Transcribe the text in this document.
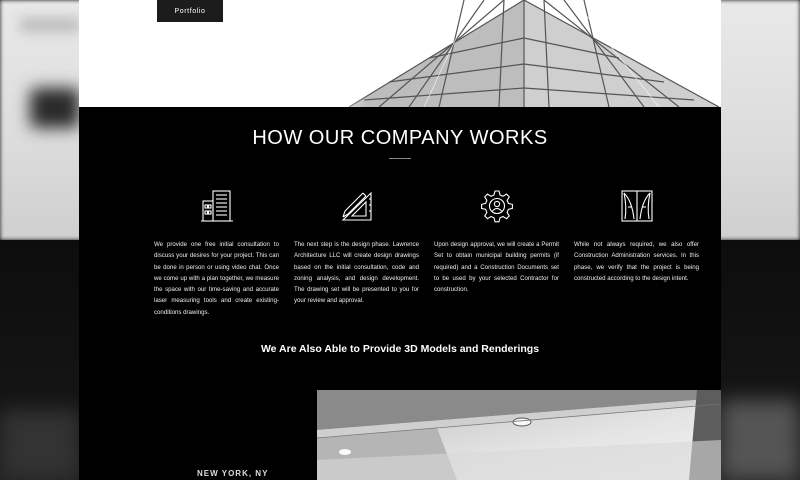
Portfolio
HOW OUR COMPANY WORKS
We provide one free initial consultation to discuss your desires for your project. This can be done in person or using video chat. Once we come up with a plan together, we measure the space with our time-saving and accurate laser measuring tools and create existing-conditions drawings.
The next step is the design phase. Lawrence Architecture LLC will create design drawings based on the initial consultation, code and zoning analysis, and design development. The drawing set will be presented to you for your review and approval.
Upon design approval, we will create a Permit Set to obtain municipal building permits (if required) and a Construction Documents set to be used by your selected Contractor for construction.
While not always required, we also offer Construction Administration services. In this phase, we verify that the project is being constructed according to the design intent.
We Are Also Able to Provide 3D Models and Renderings
NEW YORK, NY
